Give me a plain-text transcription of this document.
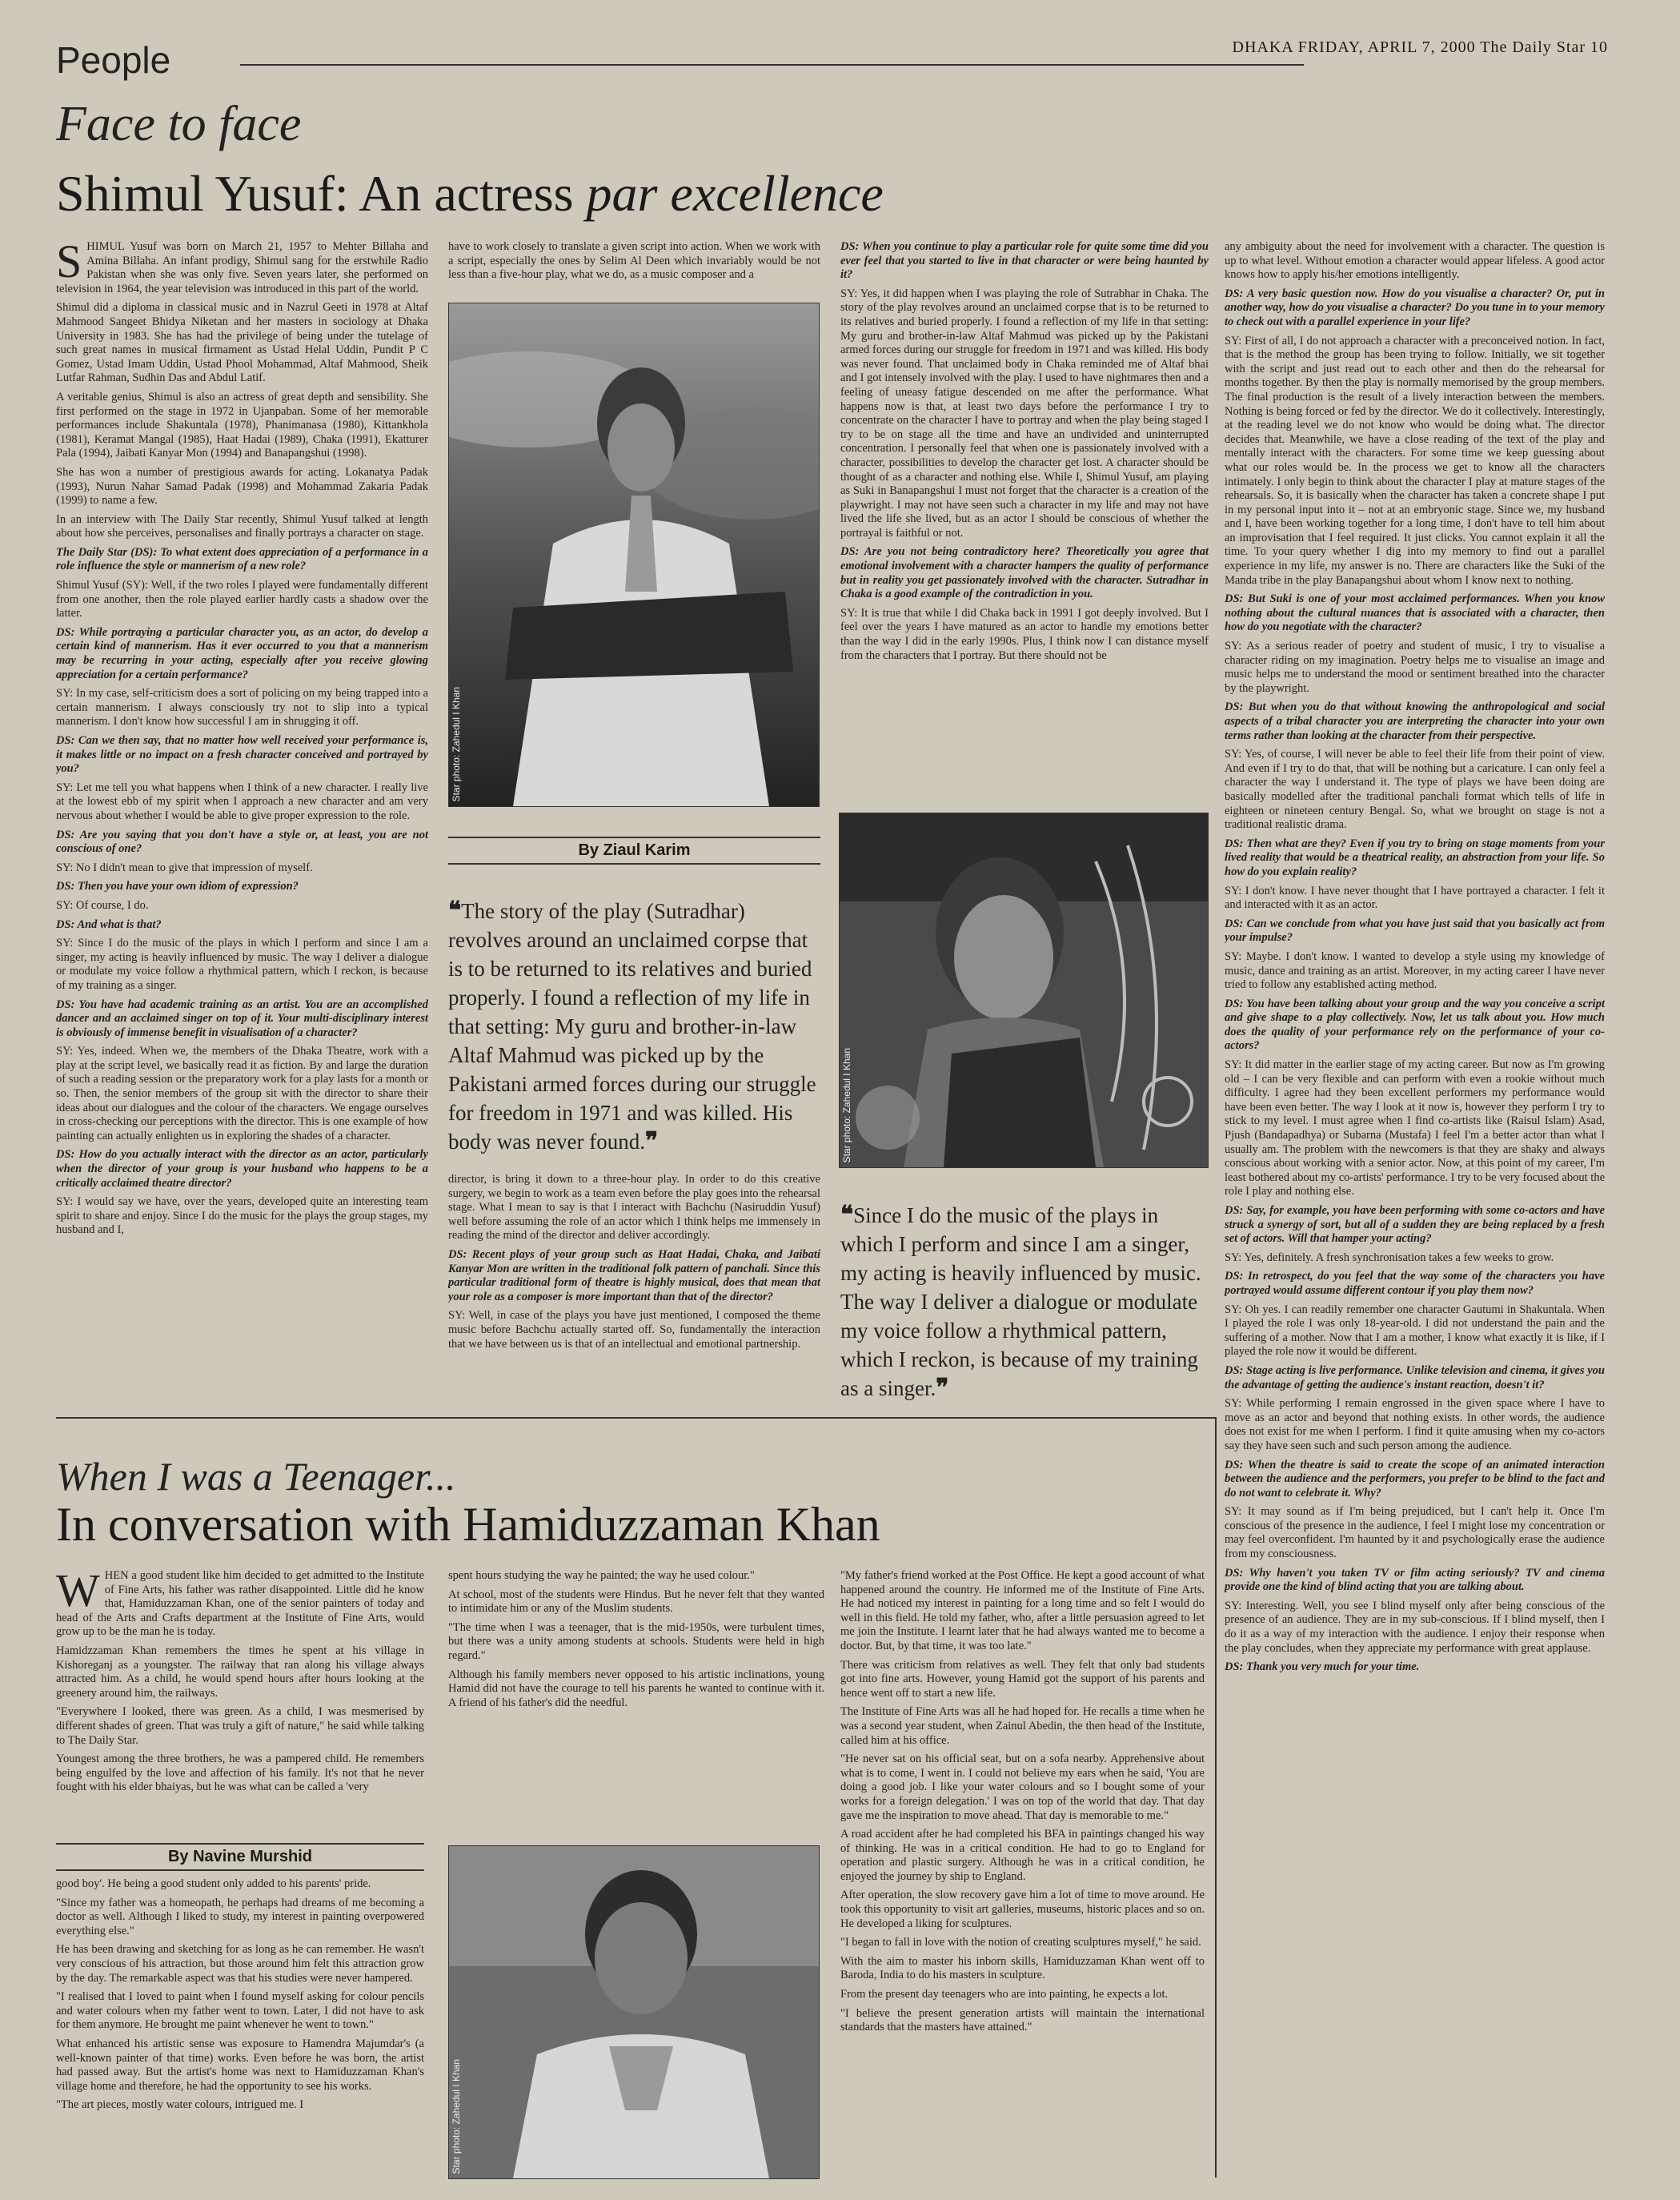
People	DHAKA FRIDAY, APRIL 7, 2000 The Daily Star 10
Face to face
Shimul Yusuf: An actress par excellence
S HIMUL Yusuf was born on March 21, 1957 to Mehter Billaha and Amina Billaha. An infant prodigy, Shimul sang for the erstwhile Radio Pakistan when she was only five. Seven years later, she performed on television in 1964, the year television was introduced in this part of the world.

Shimul did a diploma in classical music and in Nazrul Geeti in 1978 at Altaf Mahmood Sangeet Bhidya Niketan and her masters in sociology at Dhaka University in 1983. She has had the privilege of being under the tutelage of such great names in musical firmament as Ustad Helal Uddin, Pundit P C Gomez, Ustad Imam Uddin, Ustad Phool Mohammad, Altaf Mahmood, Sheik Lutfar Rahman, Sudhin Das and Abdul Latif.

A veritable genius, Shimul is also an actress of great depth and sensibility. She first performed on the stage in 1972 in Ujanpaban. Some of her memorable performances include Shakuntala (1978), Phanimanasa (1980), Kittankhola (1981), Keramat Mangal (1985), Haat Hadai (1989), Chaka (1991), Ekatturer Pala (1994), Jaibati Kanyar Mon (1994) and Banapangshui (1998).

She has won a number of prestigious awards for acting. Lokanatya Padak (1993), Nurun Nahar Samad Padak (1998) and Mohammad Zakaria Padak (1999) to name a few.

In an interview with The Daily Star recently, Shimul Yusuf talked at length about how she perceives, personalises and finally portrays a character on stage.

The Daily Star (DS): To what extent does appreciation of a performance in a role influence the style or mannerism of a new role?

Shimul Yusuf (SY): Well, if the two roles I played were fundamentally different from one another, then the role played earlier hardly casts a shadow over the latter.

DS: While portraying a particular character you, as an actor, do develop a certain kind of mannerism. Has it ever occurred to you that a mannerism may be recurring in your acting, especially after you receive glowing appreciation for a certain performance?

SY: In my case, self-criticism does a sort of policing on my being trapped into a certain mannerism. I always consciously try not to slip into a typical mannerism. I don't know how successful I am in shrugging it off.

DS: Can we then say, that no matter how well received your performance is, it makes little or no impact on a fresh character conceived and portrayed by you?

SY: Let me tell you what happens when I think of a new character. I really live at the lowest ebb of my spirit when I approach a new character and am very nervous about whether I would be able to give proper expression to the role.

DS: Are you saying that you don't have a style or, at least, you are not conscious of one?

SY: No I didn't mean to give that impression of myself.

DS: Then you have your own idiom of expression?

SY: Of course, I do.

DS: And what is that?

SY: Since I do the music of the plays in which I perform and since I am a singer, my acting is heavily influenced by music. The way I deliver a dialogue or modulate my voice follow a rhythmical pattern, which I reckon, is because of my training as a singer.

DS: You have had academic training as an artist. You are an accomplished dancer and an acclaimed singer on top of it. Your multi-disciplinary interest is obviously of immense benefit in visualisation of a character?

SY: Yes, indeed. When we, the members of the Dhaka Theatre, work with a play at the script level, we basically read it as fiction. By and large the duration of such a reading session or the preparatory work for a play lasts for a month or so. Then, the senior members of the group sit with the director to share their ideas about our dialogues and the colour of the characters. We engage ourselves in cross-checking our perceptions with the director. This is one example of how painting can actually enlighten us in exploring the shades of a character.

DS: How do you actually interact with the director as an actor, particularly when the director of your group is your husband who happens to be a critically acclaimed theatre director?

SY: I would say we have, over the years, developed quite an interesting team spirit to share and enjoy. Since I do the music for the plays the group stages, my husband and I,

have to work closely to translate a given script into action. When we work with a script, especially the ones by Selim Al Deen which invariably would be not less than a five-hour play, what we do, as a music composer and a
Star photo: Zahedul I Khan
By Ziaul Karim
❝The story of the play (Sutradhar) revolves around an unclaimed corpse that is to be returned to its relatives and buried properly. I found a reflection of my life in that setting: My guru and brother-in-law Altaf Mahmud was picked up by the Pakistani armed forces during our struggle for freedom in 1971 and was killed. His body was never found.❞

director, is bring it down to a three-hour play. In order to do this creative surgery, we begin to work as a team even before the play goes into the rehearsal stage. What I mean to say is that I interact with Bachchu (Nasiruddin Yusuf) well before assuming the role of an actor which I think helps me immensely in reading the mind of the director and deliver accordingly.

DS: Recent plays of your group such as Haat Hadai, Chaka, and Jaibati Kanyar Mon are written in the traditional folk pattern of panchali. Since this particular traditional form of theatre is highly musical, does that mean that your role as a composer is more important than that of the director?

SY: Well, in case of the plays you have just mentioned, I composed the theme music before Bachchu actually started off. So, fundamentally the interaction that we have between us is that of an intellectual and emotional partnership.

DS: When you continue to play a particular role for quite some time did you ever feel that you started to live in that character or were being haunted by it?

SY: Yes, it did happen when I was playing the role of Sutrabhar in Chaka. The story of the play revolves around an unclaimed corpse that is to be returned to its relatives and buried properly. I found a reflection of my life in that setting: My guru and brother-in-law Altaf Mahmud was picked up by the Pakistani armed forces during our struggle for freedom in 1971 and was killed. His body was never found. That unclaimed body in Chaka reminded me of Altaf bhai and I got intensely involved with the play. I used to have nightmares then and a feeling of uneasy fatigue descended on me after the performance. What happens now is that, at least two days before the performance I try to concentrate on the character I have to portray and when the play being staged I try to be on stage all the time and have an undivided and uninterrupted concentration. I personally feel that when one is passionately involved with a character, possibilities to develop the character get lost. A character should be thought of as a character and nothing else. While I, Shimul Yusuf, am playing as Suki in Banapangshui I must not forget that the character is a creation of the playwright. I may not have seen such a character in my life and may not have lived the life she lived, but as an actor I should be conscious of whether the portrayal is faithful or not.

DS: Are you not being contradictory here? Theoretically you agree that emotional involvement with a character hampers the quality of performance but in reality you get passionately involved with the character. Sutradhar in Chaka is a good example of the contradiction in you.

SY: It is true that while I did Chaka back in 1991 I got deeply involved. But I feel over the years I have matured as an actor to handle my emotions better than the way I did in the early 1990s. Plus, I think now I can distance myself from the characters that I portray. But there should not be

Star photo: Zahedul I Khan
❝Since I do the music of the plays in which I perform and since I am a singer, my acting is heavily influenced by music. The way I deliver a dialogue or modulate my voice follow a rhythmical pattern, which I reckon, is because of my training as a singer.❞

any ambiguity about the need for involvement with a character. The question is up to what level. Without emotion a character would appear lifeless. A good actor knows how to apply his/her emotions intelligently.

DS: A very basic question now. How do you visualise a character? Or, put in another way, how do you visualise a character? Do you tune in to your memory to check out with a parallel experience in your life?

SY: First of all, I do not approach a character with a preconceived notion. In fact, that is the method the group has been trying to follow. Initially, we sit together with the script and just read out to each other and then do the rehearsal for months together. By then the play is normally memorised by the group members. The final production is the result of a lively interaction between the members. Nothing is being forced or fed by the director. We do it collectively. Interestingly, at the reading level we do not know who would be doing what. The director decides that. Meanwhile, we have a close reading of the text of the play and mentally interact with the characters. For some time we keep guessing about what our roles would be. In the process we get to know all the characters intimately. I only begin to think about the character I play at mature stages of the rehearsals. So, it is basically when the character has taken a concrete shape I put in my personal input into it – not at an embryonic stage. Since we, my husband and I, have been working together for a long time, I don't have to tell him about an improvisation that I feel required. It just clicks. You cannot explain it all the time. To your query whether I dig into my memory to find out a parallel experience in my life, my answer is no. There are characters like the Suki of the Manda tribe in the play Banapangshui about whom I know next to nothing.

DS: But Suki is one of your most acclaimed performances. When you know nothing about the cultural nuances that is associated with a character, then how do you negotiate with the character?

SY: As a serious reader of poetry and student of music, I try to visualise a character riding on my imagination. Poetry helps me to visualise an image and music helps me to understand the mood or sentiment breathed into the character by the playwright.

DS: But when you do that without knowing the anthropological and social aspects of a tribal character you are interpreting the character into your own terms rather than looking at the character from their perspective.

SY: Yes, of course, I will never be able to feel their life from their point of view. And even if I try to do that, that will be nothing but a caricature. I can only feel a character the way I understand it. The type of plays we have been doing are basically modelled after the traditional panchali format which tells of life in eighteen or nineteen century Bengal. So, what we brought on stage is not a traditional realistic drama.

DS: Then what are they? Even if you try to bring on stage moments from your lived reality that would be a theatrical reality, an abstraction from your life. So how do you explain reality?

SY: I don't know. I have never thought that I have portrayed a character. I felt it and interacted with it as an actor.

DS: Can we conclude from what you have just said that you basically act from your impulse?

SY: Maybe. I don't know. I wanted to develop a style using my knowledge of music, dance and training as an artist. Moreover, in my acting career I have never tried to follow any established acting method.

DS: You have been talking about your group and the way you conceive a script and give shape to a play collectively. Now, let us talk about you. How much does the quality of your performance rely on the performance of your co-actors?

SY: It did matter in the earlier stage of my acting career. But now as I'm growing old – I can be very flexible and can perform with even a rookie without much difficulty. I agree had they been excellent performers my performance would have been even better. The way I look at it now is, however they perform I try to stick to my level. I must agree when I find co-artists like (Raisul Islam) Asad, Pjush (Bandapadhya) or Subarna (Mustafa) I feel I'm a better actor than what I usually am. The problem with the newcomers is that they are shaky and always conscious about working with a senior actor. Now, at this point of my career, I'm least bothered about my co-artists' performance. I try to be very focused about the role I play and nothing else.

DS: Say, for example, you have been performing with some co-actors and have struck a synergy of sort, but all of a sudden they are being replaced by a fresh set of actors. Will that hamper your acting?

SY: Yes, definitely. A fresh synchronisation takes a few weeks to grow.

DS: In retrospect, do you feel that the way some of the characters you have portrayed would assume different contour if you play them now?

SY: Oh yes. I can readily remember one character Gautumi in Shakuntala. When I played the role I was only 18-year-old. I did not understand the pain and the suffering of a mother. Now that I am a mother, I know what exactly it is like, if I played the role now it would be different.

DS: Stage acting is live performance. Unlike television and cinema, it gives you the advantage of getting the audience's instant reaction, doesn't it?

SY: While performing I remain engrossed in the given space where I have to move as an actor and beyond that nothing exists. In other words, the audience does not exist for me when I perform. I find it quite amusing when my co-actors say they have seen such and such person among the audience.

DS: When the theatre is said to create the scope of an animated interaction between the audience and the performers, you prefer to be blind to the fact and do not want to celebrate it. Why?

SY: It may sound as if I'm being prejudiced, but I can't help it. Once I'm conscious of the presence in the audience, I feel I might lose my concentration or may feel overconfident. I'm haunted by it and psychologically erase the audience from my consciousness.

DS: Why haven't you taken TV or film acting seriously? TV and cinema provide one the kind of blind acting that you are talking about.

SY: Interesting. Well, you see I blind myself only after being conscious of the presence of an audience. They are in my sub-conscious. If I blind myself, then I do it as a way of my interaction with the audience. I enjoy their response when the play concludes, when they appreciate my performance with great applause.

DS: Thank you very much for your time.

When I was a Teenager...
In conversation with Hamiduzzaman Khan
W HEN a good student like him decided to get admitted to the Institute of Fine Arts, his father was rather disappointed. Little did he know that, Hamiduzzaman Khan, one of the senior painters of today and head of the Arts and Crafts department at the Institute of Fine Arts, would grow up to be the man he is today.

Hamidzzaman Khan remembers the times he spent at his village in Kishoreganj as a youngster. The railway that ran along his village always attracted him. As a child, he would spend hours after hours looking at the greenery around him, the railways.

"Everywhere I looked, there was green. As a child, I was mesmerised by different shades of green. That was truly a gift of nature," he said while talking to The Daily Star.

Youngest among the three brothers, he was a pampered child. He remembers being engulfed by the love and affection of his family. It's not that he never fought with his elder bhaiyas, but he was what can be called a 'very

By Navine Murshid

good boy'. He being a good student only added to his parents' pride.

"Since my father was a homeopath, he perhaps had dreams of me becoming a doctor as well. Although I liked to study, my interest in painting overpowered everything else."

He has been drawing and sketching for as long as he can remember. He wasn't very conscious of his attraction, but those around him felt this attraction grow by the day. The remarkable aspect was that his studies were never hampered.

"I realised that I loved to paint when I found myself asking for colour pencils and water colours when my father went to town. Later, I did not have to ask for them anymore. He brought me paint whenever he went to town."

What enhanced his artistic sense was exposure to Hamendra Majumdar's (a well-known painter of that time) works. Even before he was born, the artist had passed away. But the artist's home was next to Hamiduzzaman Khan's village home and therefore, he had the opportunity to see his works.

"The art pieces, mostly water colours, intrigued me. I

spent hours studying the way he painted; the way he used colour."

At school, most of the students were Hindus. But he never felt that they wanted to intimidate him or any of the Muslim students.

"The time when I was a teenager, that is the mid-1950s, were turbulent times, but there was a unity among students at schools. Students were held in high regard."

Although his family members never opposed to his artistic inclinations, young Hamid did not have the courage to tell his parents he wanted to continue with it. A friend of his father's did the needful.

Star photo: Zahedul I Khan

"My father's friend worked at the Post Office. He kept a good account of what happened around the country. He informed me of the Institute of Fine Arts. He had noticed my interest in painting for a long time and so felt I would do well in this field. He told my father, who, after a little persuasion agreed to let me join the Institute. I learnt later that he had always wanted me to become a doctor. But, by that time, it was too late."

There was criticism from relatives as well. They felt that only bad students got into fine arts. However, young Hamid got the support of his parents and hence went off to start a new life.

The Institute of Fine Arts was all he had hoped for. He recalls a time when he was a second year student, when Zainul Abedin, the then head of the Institute, called him at his office.

"He never sat on his official seat, but on a sofa nearby. Apprehensive about what is to come, I went in. I could not believe my ears when he said, 'You are doing a good job. I like your water colours and so I bought some of your works for a foreign delegation.' I was on top of the world that day. That day gave me the inspiration to move ahead. That day is memorable to me."

A road accident after he had completed his BFA in paintings changed his way of thinking. He was in a critical condition. He had to go to England for operation and plastic surgery. Although he was in a critical condition, he enjoyed the journey by ship to England.

After operation, the slow recovery gave him a lot of time to move around. He took this opportunity to visit art galleries, museums, historic places and so on. He developed a liking for sculptures.

"I began to fall in love with the notion of creating sculptures myself," he said.

With the aim to master his inborn skills, Hamiduzzaman Khan went off to Baroda, India to do his masters in sculpture.

From the present day teenagers who are into painting, he expects a lot.

"I believe the present generation artists will maintain the international standards that the masters have attained."
